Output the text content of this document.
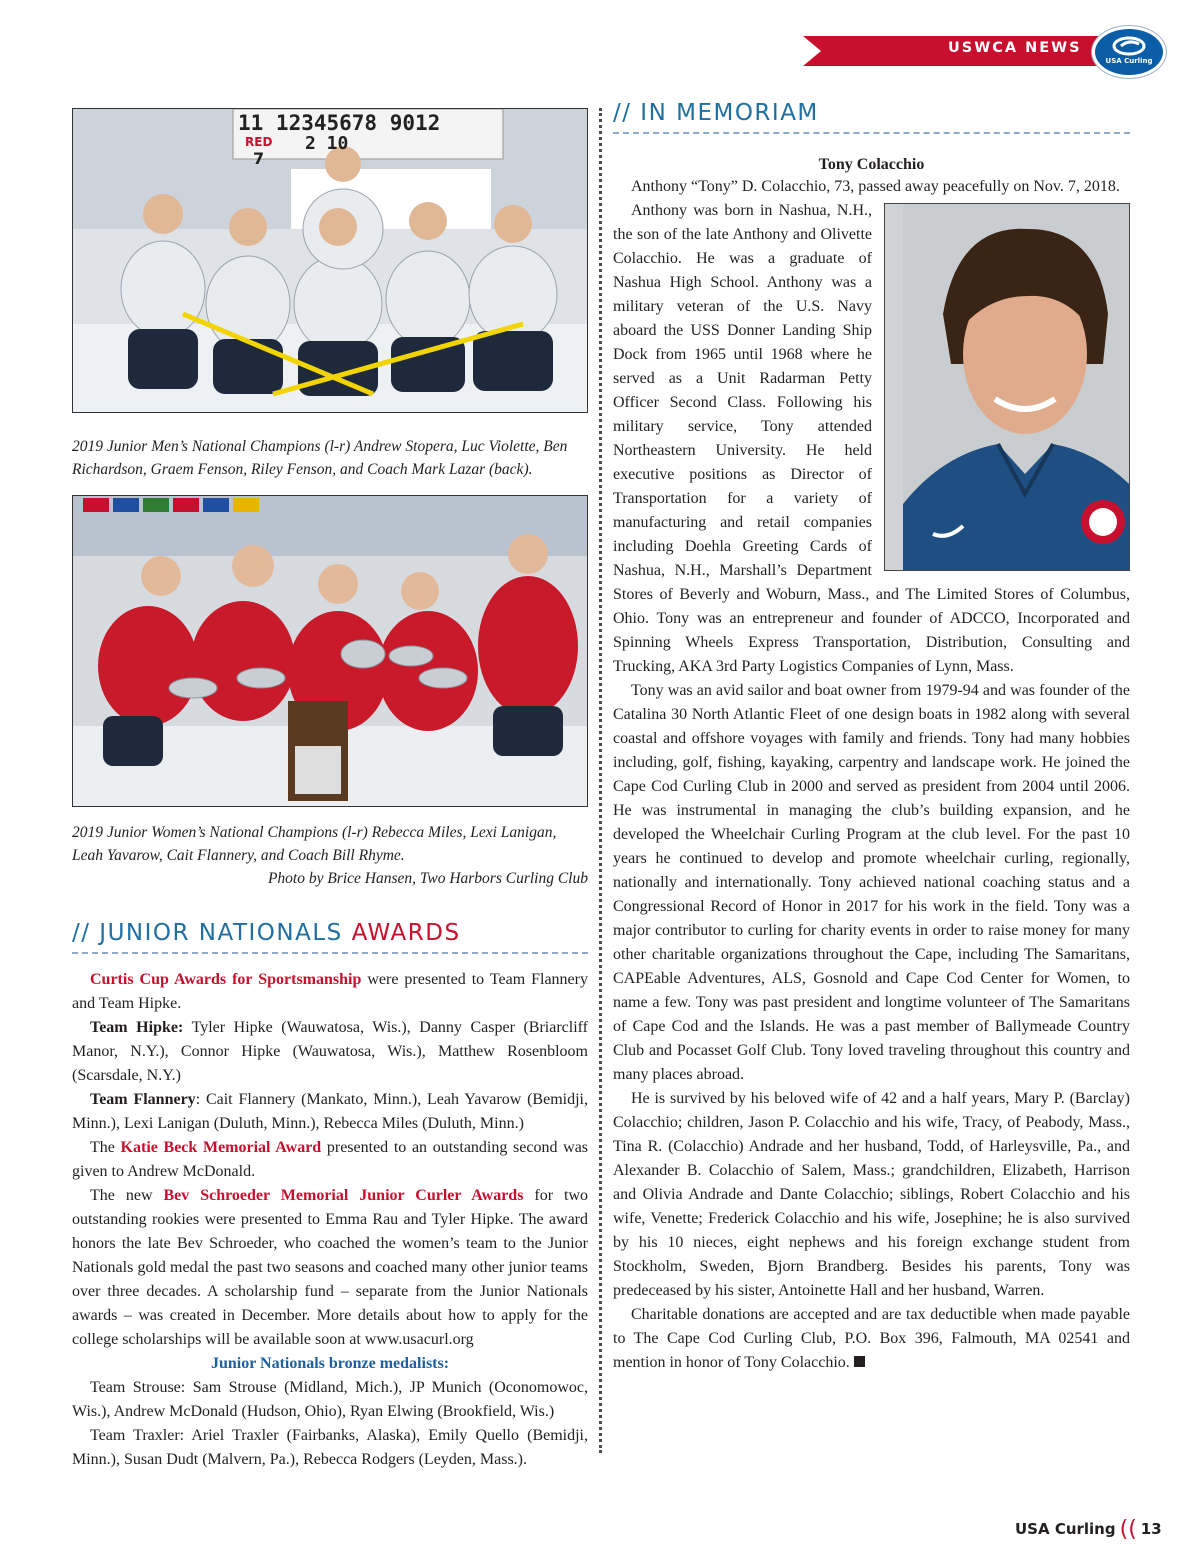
USWCA NEWS
USA Curling
11 12345678 9012
RED
7
2 10
2019 Junior Men’s National Champions (l-r) Andrew Stopera, Luc Violette, Ben Richardson, Graem Fenson, Riley Fenson, and Coach Mark Lazar (back).
2019 Junior Women’s National Champions (l-r) Rebecca Miles, Lexi Lanigan, Leah Yavarow, Cait Flannery, and Coach Bill Rhyme.
Photo by Brice Hansen, Two Harbors Curling Club
// JUNIOR NATIONALS AWARDS

Curtis Cup Awards for Sportsmanship were presented to Team Flannery and Team Hipke.

Team Hipke: Tyler Hipke (Wauwatosa, Wis.), Danny Casper (Briarcliff Manor, N.Y.), Connor Hipke (Wauwatosa, Wis.), Matthew Rosenbloom (Scarsdale, N.Y.)

Team Flannery: Cait Flannery (Mankato, Minn.), Leah Yavarow (Bemidji, Minn.), Lexi Lanigan (Duluth, Minn.), Rebecca Miles (Duluth, Minn.)

The Katie Beck Memorial Award presented to an outstanding second was given to Andrew McDonald.

The new Bev Schroeder Memorial Junior Curler Awards for two outstanding rookies were presented to Emma Rau and Tyler Hipke. The award honors the late Bev Schroeder, who coached the women’s team to the Junior Nationals gold medal the past two seasons and coached many other junior teams over three decades. A scholarship fund – separate from the Junior Nationals awards – was created in December. More details about how to apply for the college scholarships will be available soon at www.usacurl.org

Junior Nationals bronze medalists:

Team Strouse: Sam Strouse (Midland, Mich.), JP Munich (Oconomowoc, Wis.), Andrew McDonald (Hudson, Ohio), Ryan Elwing (Brookfield, Wis.)

Team Traxler: Ariel Traxler (Fairbanks, Alaska), Emily Quello (Bemidji, Minn.), Susan Dudt (Malvern, Pa.), Rebecca Rodgers (Leyden, Mass.).

// IN MEMORIAM
Tony Colacchio

Anthony “Tony” D. Colacchio, 73, passed away peacefully on Nov. 7, 2018.

Anthony was born in Nashua, N.H., the son of the late Anthony and Olivette Colacchio. He was a graduate of Nashua High School. Anthony was a military veteran of the U.S. Navy aboard the USS Donner Landing Ship Dock from 1965 until 1968 where he served as a Unit Radarman Petty Officer Second Class. Following his military service, Tony attended Northeastern University. He held executive positions as Director of Transportation for a variety of manufacturing and retail companies including Doehla Greeting Cards of Nashua, N.H., Marshall’s Department Stores of Beverly and Woburn, Mass., and The Limited Stores of Columbus, Ohio. Tony was an entrepreneur and founder of ADCCO, Incorporated and Spinning Wheels Express Transportation, Distribution, Consulting and Trucking, AKA 3rd Party Logistics Companies of Lynn, Mass.

Tony was an avid sailor and boat owner from 1979-94 and was founder of the Catalina 30 North Atlantic Fleet of one design boats in 1982 along with several coastal and offshore voyages with family and friends. Tony had many hobbies including, golf, fishing, kayaking, carpentry and landscape work. He joined the Cape Cod Curling Club in 2000 and served as president from 2004 until 2006. He was instrumental in managing the club’s building expansion, and he developed the Wheelchair Curling Program at the club level. For the past 10 years he continued to develop and promote wheelchair curling, regionally, nationally and internationally. Tony achieved national coaching status and a Congressional Record of Honor in 2017 for his work in the field. Tony was a major contributor to curling for charity events in order to raise money for many other charitable organizations throughout the Cape, including The Samaritans, CAPEable Adventures, ALS, Gosnold and Cape Cod Center for Women, to name a few. Tony was past president and longtime volunteer of The Samaritans of Cape Cod and the Islands. He was a past member of Ballymeade Country Club and Pocasset Golf Club. Tony loved traveling throughout this country and many places abroad.

He is survived by his beloved wife of 42 and a half years, Mary P. (Barclay) Colacchio; children, Jason P. Colacchio and his wife, Tracy, of Peabody, Mass., Tina R. (Colacchio) Andrade and her husband, Todd, of Harleysville, Pa., and Alexander B. Colacchio of Salem, Mass.; grandchildren, Elizabeth, Harrison and Olivia Andrade and Dante Colacchio; siblings, Robert Colacchio and his wife, Venette; Frederick Colacchio and his wife, Josephine; he is also survived by his 10 nieces, eight nephews and his foreign exchange student from Stockholm, Sweden, Bjorn Brandberg. Besides his parents, Tony was predeceased by his sister, Antoinette Hall and her husband, Warren.

Charitable donations are accepted and are tax deductible when made payable to The Cape Cod Curling Club, P.O. Box 396, Falmouth, MA 02541 and mention in honor of Tony Colacchio.

USA Curling (( 13
